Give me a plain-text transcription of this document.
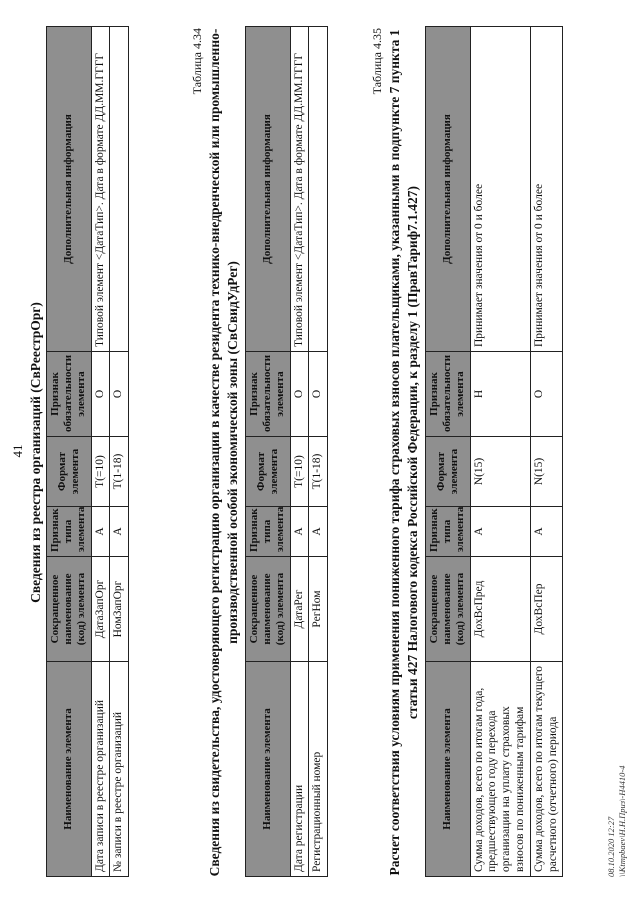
41 Сведения из реестра организаций (СвРеестрОрг)
Наименование элемента	Сокращенное наименование (код) элемента	Признак типа элемента	Формат элемента	Признак обязательности элемента	Дополнительная информация
Дата записи в реестре организаций	ДатаЗапОрг	А	T(=10)	О	Типовой элемент <ДатаТип>. Дата в формате ДД.ММ.ГГГГ
№ записи в реестре организаций	НомЗапОрг	А	T(1-18)	О	
Таблица 4.34 Сведения из свидетельства, удостоверяющего регистрацию организации в качестве резидента технико-внедренческой или промышленно- производственной особой экономической зоны (СвСвидУдРег)
Наименование элемента	Сокращенное наименование (код) элемента	Признак типа элемента	Формат элемента	Признак обязательности элемента	Дополнительная информация
Дата регистрации	ДатаРег	А	T(=10)	О	Типовой элемент <ДатаТип>. Дата в формате ДД.ММ.ГГГГ
Регистрационный номер	РегНом	А	T(1-18)	О	
Таблица 4.35 Расчет соответствия условиям применения пониженного тарифа страховых взносов плательщиками, указанными в подпункте 7 пункта 1 статьи 427 Налогового кодекса Российской Федерации, к разделу 1 (ПравТариф7.1.427)
Наименование элемента	Сокращенное наименование (код) элемента	Признак типа элемента	Формат элемента	Признак обязательности элемента	Дополнительная информация
Сумма доходов, всего по итогам года, предшествующего году перехода организации на уплату страховых взносов по пониженным тарифам	ДохВсПред	А	N(15)	Н	Принимает значения от 0 и более
Сумма доходов, всего по итогам текущего расчетного (отчетного) периода	ДохВсПер	А	N(15)	О	Принимает значения от 0 и более
08.10.2020 12:27 \\Ktmpbaev\Н.Н.Приз\-Н4410-4
